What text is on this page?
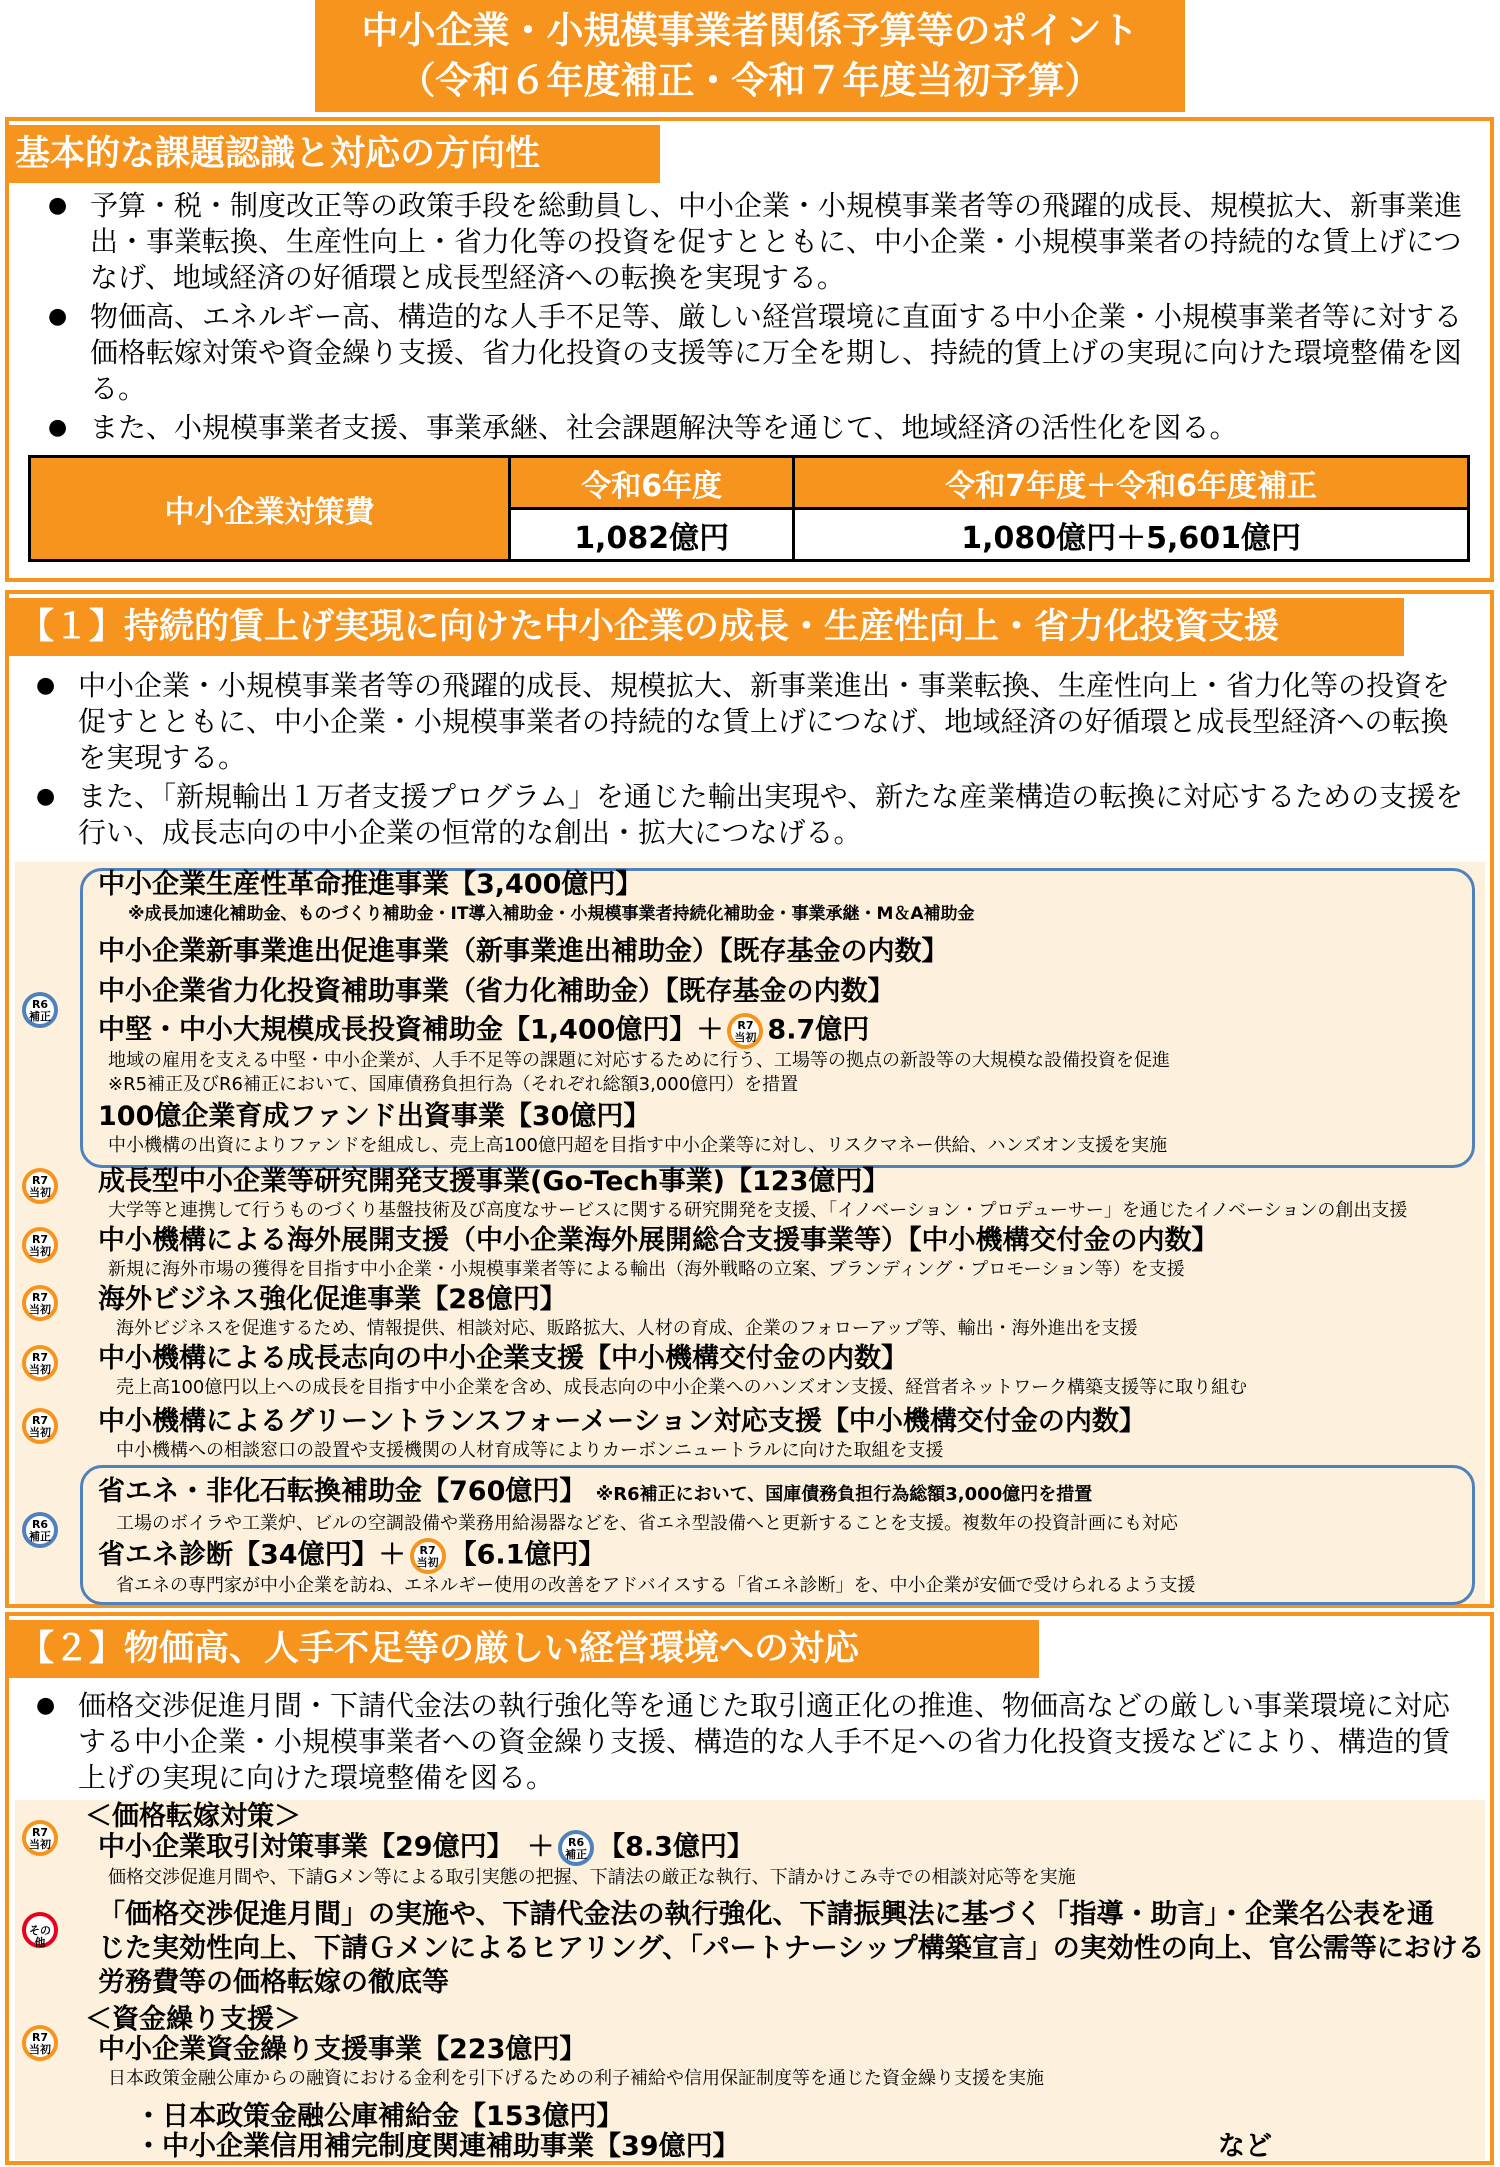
中小企業・小規模事業者関係予算等のポイント
（令和６年度補正・令和７年度当初予算）
基本的な課題認識と対応の方向性
● 予算・税・制度改正等の政策手段を総動員し、中小企業・小規模事業者等の飛躍的成長、規模拡大、新事業進出・事業転換、生産性向上・省力化等の投資を促すとともに、中小企業・小規模事業者の持続的な賃上げにつなげ、地域経済の好循環と成長型経済への転換を実現する。
● 物価高、エネルギー高、構造的な人手不足等、厳しい経営環境に直面する中小企業・小規模事業者等に対する価格転嫁対策や資金繰り支援、省力化投資の支援等に万全を期し、持続的賃上げの実現に向けた環境整備を図る。
● また、小規模事業者支援、事業承継、社会課題解決等を通じて、地域経済の活性化を図る。
中小企業対策費	令和6年度	令和7年度＋令和6年度補正
	1,082億円	1,080億円＋5,601億円
【１】持続的賃上げ実現に向けた中小企業の成長・生産性向上・省力化投資支援
● 中小企業・小規模事業者等の飛躍的成長、規模拡大、新事業進出・事業転換、生産性向上・省力化等の投資を促すとともに、中小企業・小規模事業者の持続的な賃上げにつなげ、地域経済の好循環と成長型経済への転換を実現する。
● また、「新規輸出１万者支援プログラム」を通じた輸出実現や、新たな産業構造の転換に対応するための支援を行い、成長志向の中小企業の恒常的な創出・拡大につなげる。
R6
補正
R7
当初
R7
当初
R7
当初
R7
当初
R7
当初
R6
補正
中小企業生産性革命推進事業【3,400億円】
※成長加速化補助金、ものづくり補助金・IT導入補助金・小規模事業者持続化補助金・事業承継・M＆A補助金
中小企業新事業進出促進事業（新事業進出補助金）【既存基金の内数】
中小企業省力化投資補助事業（省力化補助金）【既存基金の内数】
中堅・中小大規模成長投資補助金【1,400億円】＋ R7
当初 8.7億円
地域の雇用を支える中堅・中小企業が、人手不足等の課題に対応するために行う、工場等の拠点の新設等の大規模な設備投資を促進
※R5補正及びR6補正において、国庫債務負担行為（それぞれ総額3,000億円）を措置
100億企業育成ファンド出資事業【30億円】
中小機構の出資によりファンドを組成し、売上高100億円超を目指す中小企業等に対し、リスクマネー供給、ハンズオン支援を実施
成長型中小企業等研究開発支援事業(Go-Tech事業)【123億円】
大学等と連携して行うものづくり基盤技術及び高度なサービスに関する研究開発を支援、「イノベーション・プロデューサー」を通じたイノベーションの創出支援
中小機構による海外展開支援（中小企業海外展開総合支援事業等）【中小機構交付金の内数】
新規に海外市場の獲得を目指す中小企業・小規模事業者等による輸出（海外戦略の立案、ブランディング・プロモーション等）を支援
海外ビジネス強化促進事業【28億円】
海外ビジネスを促進するため、情報提供、相談対応、販路拡大、人材の育成、企業のフォローアップ等、輸出・海外進出を支援
中小機構による成長志向の中小企業支援【中小機構交付金の内数】
売上高100億円以上への成長を目指す中小企業を含め、成長志向の中小企業へのハンズオン支援、経営者ネットワーク構築支援等に取り組む
中小機構によるグリーントランスフォーメーション対応支援【中小機構交付金の内数】
中小機構への相談窓口の設置や支援機関の人材育成等によりカーボンニュートラルに向けた取組を支援
省エネ・非化石転換補助金【760億円】 ※R6補正において、国庫債務負担行為総額3,000億円を措置
工場のボイラや工業炉、ビルの空調設備や業務用給湯器などを、省エネ型設備へと更新することを支援。複数年の投資計画にも対応
省エネ診断【34億円】＋ R7
当初 【6.1億円】
省エネの専門家が中小企業を訪ね、エネルギー使用の改善をアドバイスする「省エネ診断」を、中小企業が安価で受けられるよう支援
【２】物価高、人手不足等の厳しい経営環境への対応
● 価格交渉促進月間・下請代金法の執行強化等を通じた取引適正化の推進、物価高などの厳しい事業環境に対応する中小企業・小規模事業者への資金繰り支援、構造的な人手不足への省力化投資支援などにより、構造的賃上げの実現に向けた環境整備を図る。
＜価格転嫁対策＞
R7
当初 中小企業取引対策事業【29億円】　＋ R6
補正 【8.3億円】
価格交渉促進月間や、下請Gメン等による取引実態の把握、下請法の厳正な執行、下請かけこみ寺での相談対応等を実施
その他
「価格交渉促進月間」の実施や、下請代金法の執行強化、下請振興法に基づく「指導・助言」・企業名公表を通
じた実効性向上、下請Ｇメンによるヒアリング、「パートナーシップ構築宣言」の実効性の向上、官公需等における
労務費等の価格転嫁の徹底等
＜資金繰り支援＞
R7
当初 中小企業資金繰り支援事業【223億円】
日本政策金融公庫からの融資における金利を引下げるための利子補給や信用保証制度等を通じた資金繰り支援を実施
・日本政策金融公庫補給金【153億円】
・中小企業信用補完制度関連補助事業【39億円】	など
